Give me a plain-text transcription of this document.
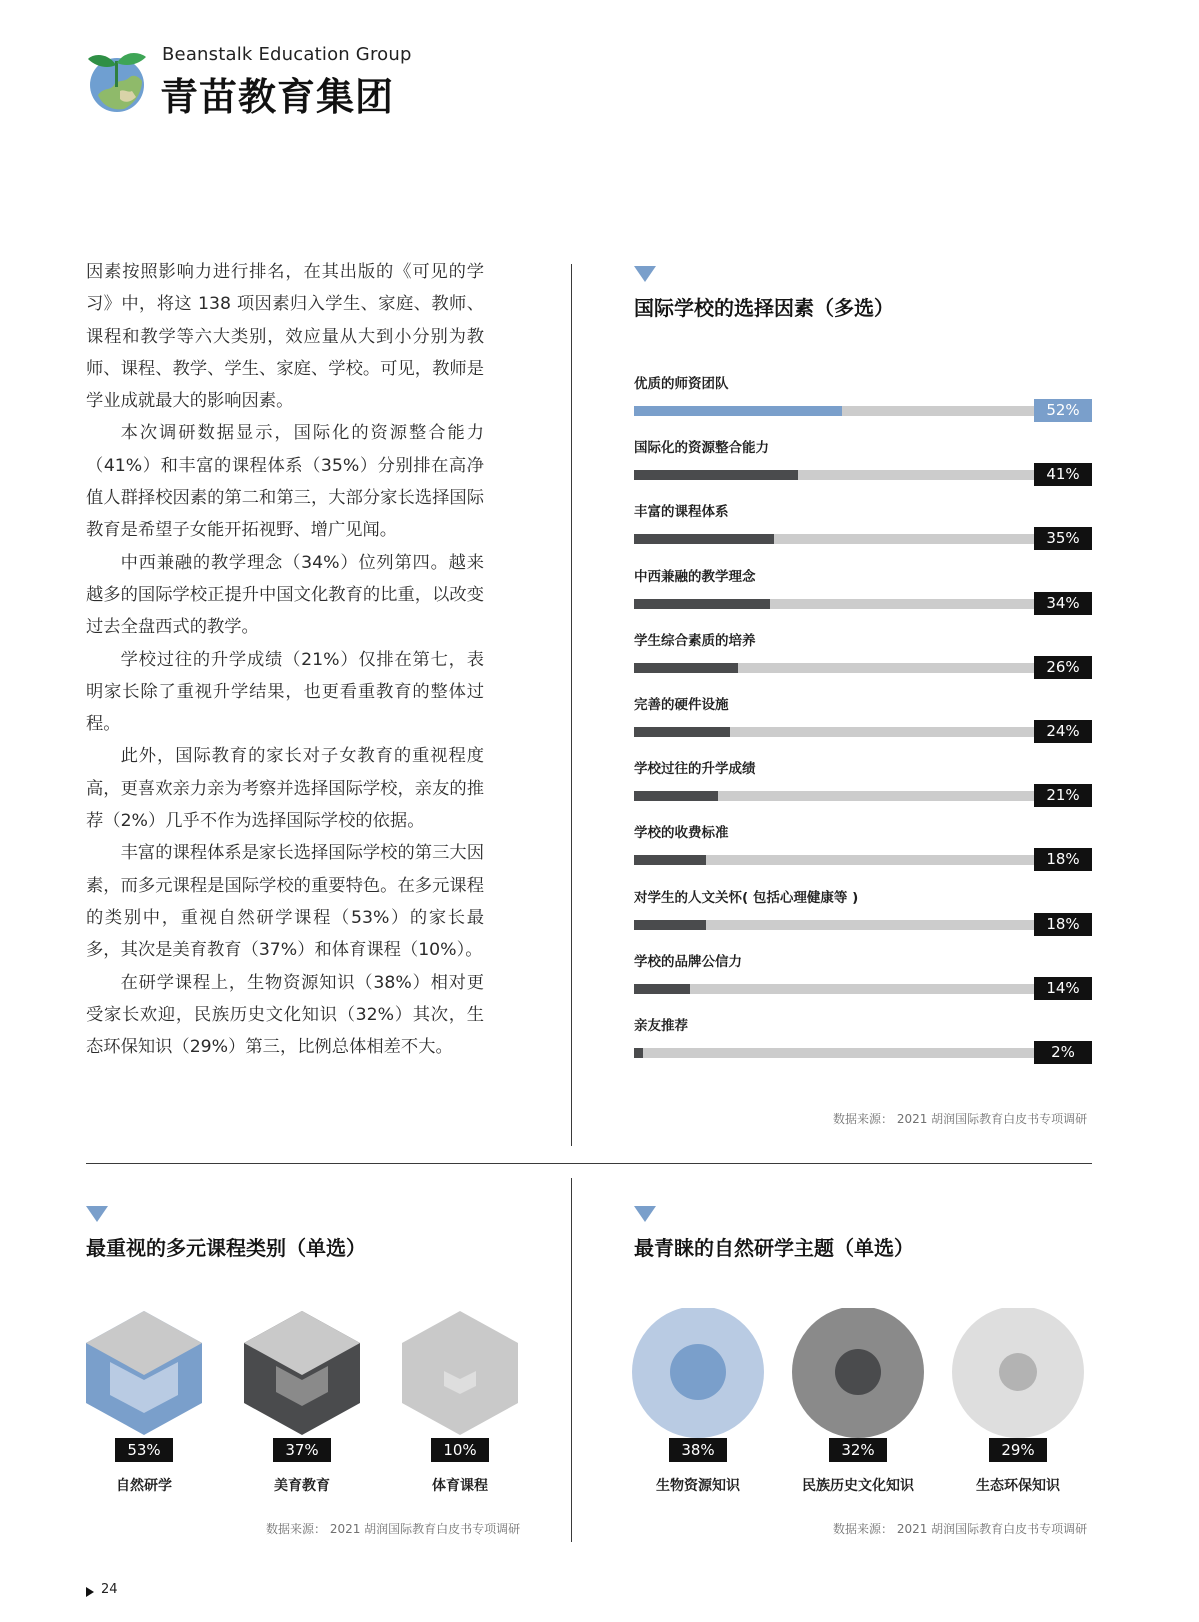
Beanstalk Education Group
青苗教育集团

因素按照影响力进行排名，在其出版的《可见的学习》中，将这 138 项因素归入学生、家庭、教师、课程和教学等六大类别，效应量从大到小分别为教师、课程、教学、学生、家庭、学校。可见，教师是学业成就最大的影响因素。

本次调研数据显示，国际化的资源整合能力（41%）和丰富的课程体系（35%）分别排在高净值人群择校因素的第二和第三，大部分家长选择国际教育是希望子女能开拓视野、增广见闻。

中西兼融的教学理念（34%）位列第四。越来越多的国际学校正提升中国文化教育的比重，以改变过去全盘西式的教学。

学校过往的升学成绩（21%）仅排在第七，表明家长除了重视升学结果，也更看重教育的整体过程。

此外，国际教育的家长对子女教育的重视程度高，更喜欢亲力亲为考察并选择国际学校，亲友的推荐（2%）几乎不作为选择国际学校的依据。

丰富的课程体系是家长选择国际学校的第三大因素，而多元课程是国际学校的重要特色。在多元课程的类别中，重视自然研学课程（53%）的家长最多，其次是美育教育（37%）和体育课程（10%）。

在研学课程上，生物资源知识（38%）相对更受家长欢迎，民族历史文化知识（32%）其次，生态环保知识（29%）第三，比例总体相差不大。

国际学校的选择因素（多选）
优质的师资团队
52%
国际化的资源整合能力
41%
丰富的课程体系
35%
中西兼融的教学理念
34%
学生综合素质的培养
26%
完善的硬件设施
24%
学校过往的升学成绩
21%
学校的收费标准
18%
对学生的人文关怀( 包括心理健康等 )
18%
学校的品牌公信力
14%
亲友推荐
2%
数据来源： 2021 胡润国际教育白皮书专项调研
最重视的多元课程类别（单选）
53%
自然研学
37%
美育教育
10%
体育课程
数据来源： 2021 胡润国际教育白皮书专项调研
最青睐的自然研学主题（单选）
38%
生物资源知识
32%
民族历史文化知识
29%
生态环保知识
数据来源： 2021 胡润国际教育白皮书专项调研
24
